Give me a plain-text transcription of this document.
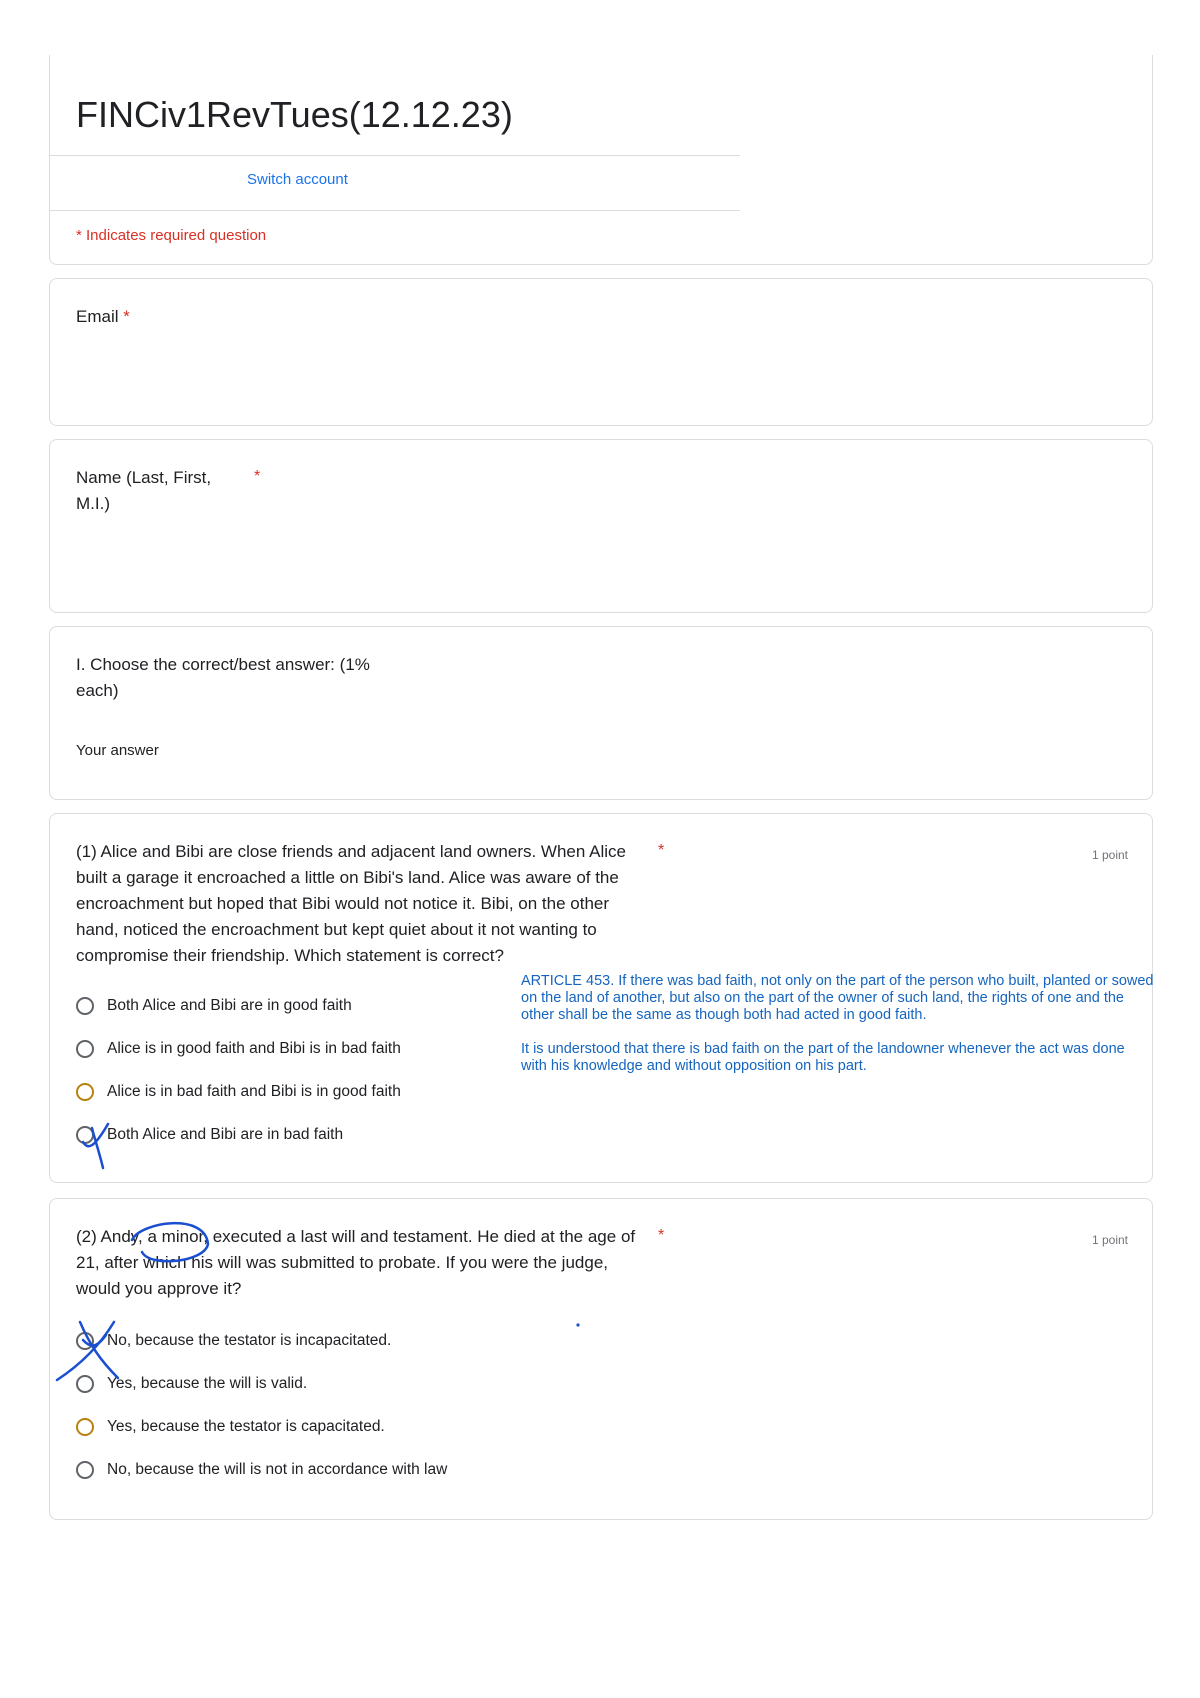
FINCiv1RevTues(12.12.23)
Switch account
* Indicates required question
Email *
Name (Last, First,
M.I.)
*
I. Choose the correct/best answer: (1%
each)
Your answer
(1) Alice and Bibi are close friends and adjacent land owners. When Alice
built a garage it encroached a little on Bibi's land. Alice was aware of the
encroachment but hoped that Bibi would not notice it. Bibi, on the other
hand, noticed the encroachment but kept quiet about it not wanting to
compromise their friendship. Which statement is correct?
*	1 point
Both Alice and Bibi are in good faith
Alice is in good faith and Bibi is in bad faith
Alice is in bad faith and Bibi is in good faith
Both Alice and Bibi are in bad faith

ARTICLE 453. If there was bad faith, not only on the part of the person who built, planted or sowed

on the land of another, but also on the part of the owner of such land, the rights of one and the

other shall be the same as though both had acted in good faith.

It is understood that there is bad faith on the part of the landowner whenever the act was done

with his knowledge and without opposition on his part.

(2) Andy, a minor, executed a last will and testament. He died at the age of
21, after which his will was submitted to probate. If you were the judge,
would you approve it?
*	1 point
No, because the testator is incapacitated.
Yes, because the will is valid.
Yes, because the testator is capacitated.
No, because the will is not in accordance with law
